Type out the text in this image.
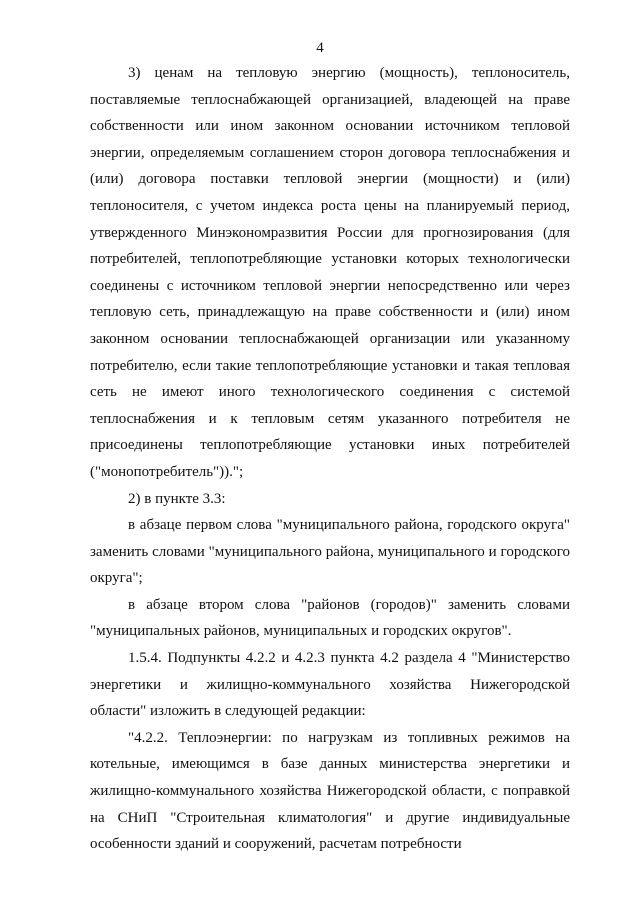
4

3) ценам на тепловую энергию (мощность), теплоноситель, поставляемые теплоснабжающей организацией, владеющей на праве собственности или ином законном основании источником тепловой энергии, определяемым соглашением сторон договора теплоснабжения и (или) договора поставки тепловой энергии (мощности) и (или) теплоносителя, с учетом индекса роста цены на планируемый период, утвержденного Минэкономразвития России для прогнозирования (для потребителей, теплопотребляющие установки которых технологически соединены с источником тепловой энергии непосредственно или через тепловую сеть, принадлежащую на праве собственности и (или) ином законном основании теплоснабжающей организации или указанному потребителю, если такие теплопотребляющие установки и такая тепловая сеть не имеют иного технологического соединения с системой теплоснабжения и к тепловым сетям указанного потребителя не присоединены теплопотребляющие установки иных потребителей ("монопотребитель")).";

2) в пункте 3.3:

в абзаце первом слова "муниципального района, городского округа" заменить словами "муниципального района, муниципального и городского округа";

в абзаце втором слова "районов (городов)" заменить словами "муниципальных районов, муниципальных и городских округов".

1.5.4. Подпункты 4.2.2 и 4.2.3 пункта 4.2 раздела 4 "Министерство энергетики и жилищно-коммунального хозяйства Нижегородской области" изложить в следующей редакции:

"4.2.2. Теплоэнергии: по нагрузкам из топливных режимов на котельные, имеющимся в базе данных министерства энергетики и жилищно-коммунального хозяйства Нижегородской области, с поправкой на СНиП "Строительная климатология" и другие индивидуальные особенности зданий и сооружений, расчетам потребности
